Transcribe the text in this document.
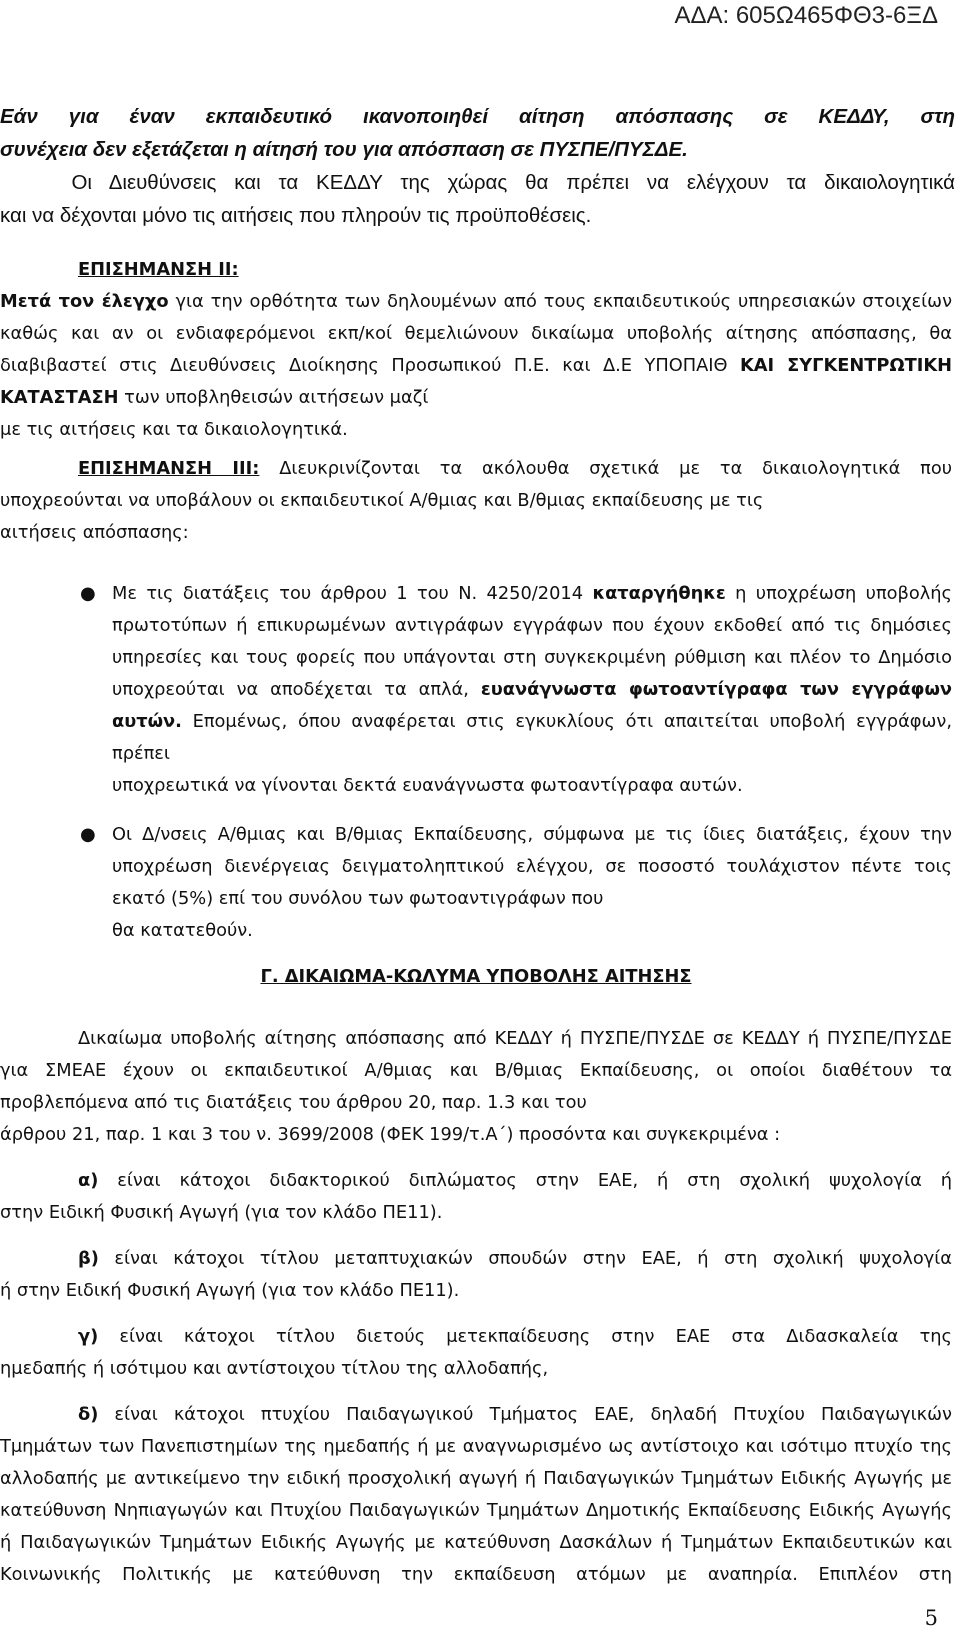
ΑΔΑ: 605Ω465ΦΘ3-6ΞΔ

Εάν για έναν εκπαιδευτικό ικανοποιηθεί αίτηση απόσπασης σε ΚΕΔΔΥ, στη

συνέχεια δεν εξετάζεται η αίτησή του για απόσπαση σε ΠΥΣΠΕ/ΠΥΣΔΕ.

Οι Διευθύνσεις και τα ΚΕΔΔΥ της χώρας θα πρέπει να ελέγχουν τα δικαιολογητικά

και να δέχονται μόνο τις αιτήσεις που πληρούν τις προϋποθέσεις.

ΕΠΙΣΗΜΑΝΣΗ ΙΙ:

Μετά τον έλεγχο για την ορθότητα των δηλουμένων από τους εκπαιδευτικούς υπηρεσιακών στοιχείων καθώς και αν οι ενδιαφερόμενοι εκπ/κοί θεμελιώνουν δικαίωμα υποβολής αίτησης απόσπασης, θα διαβιβαστεί στις Διευθύνσεις Διοίκησης Προσωπικού Π.Ε. και Δ.Ε ΥΠΟΠΑΙΘ ΚΑΙ ΣΥΓΚΕΝΤΡΩΤΙΚΗ ΚΑΤΑΣΤΑΣΗ των υποβληθεισών αιτήσεων μαζί

με τις αιτήσεις και τα δικαιολογητικά.

ΕΠΙΣΗΜΑΝΣΗ ΙΙΙ: Διευκρινίζονται τα ακόλουθα σχετικά με τα δικαιολογητικά που υποχρεούνται να υποβάλουν οι εκπαιδευτικοί Α/θμιας και Β/θμιας εκπαίδευσης με τις

αιτήσεις απόσπασης:

● Με τις διατάξεις του άρθρου 1 του Ν. 4250/2014 καταργήθηκε η υποχρέωση υποβολής πρωτοτύπων ή επικυρωμένων αντιγράφων εγγράφων που έχουν εκδοθεί από τις δημόσιες υπηρεσίες και τους φορείς που υπάγονται στη συγκεκριμένη ρύθμιση και πλέον το Δημόσιο υποχρεούται να αποδέχεται τα απλά, ευανάγνωστα φωτοαντίγραφα των εγγράφων αυτών. Επομένως, όπου αναφέρεται στις εγκυκλίους ότι απαιτείται υποβολή εγγράφων, πρέπει

υποχρεωτικά να γίνονται δεκτά ευανάγνωστα φωτοαντίγραφα αυτών.

● Οι Δ/νσεις Α/θμιας και Β/θμιας Εκπαίδευσης, σύμφωνα με τις ίδιες διατάξεις, έχουν την υποχρέωση διενέργειας δειγματοληπτικού ελέγχου, σε ποσοστό τουλάχιστον πέντε τοις εκατό (5%) επί του συνόλου των φωτοαντιγράφων που

θα κατατεθούν.

Γ. ΔΙΚΑΙΩΜΑ-ΚΩΛΥΜΑ ΥΠΟΒΟΛΗΣ ΑΙΤΗΣΗΣ

Δικαίωμα υποβολής αίτησης απόσπασης από ΚΕΔΔΥ ή ΠΥΣΠΕ/ΠΥΣΔΕ σε ΚΕΔΔΥ ή ΠΥΣΠΕ/ΠΥΣΔΕ για ΣΜΕΑΕ έχουν οι εκπαιδευτικοί Α/θμιας και Β/θμιας Εκπαίδευσης, οι οποίοι διαθέτουν τα προβλεπόμενα από τις διατάξεις του άρθρου 20, παρ. 1.3 και του

άρθρου 21, παρ. 1 και 3 του ν. 3699/2008 (ΦΕΚ 199/τ.Α΄) προσόντα και συγκεκριμένα :

α) είναι κάτοχοι διδακτορικού διπλώματος στην ΕΑΕ, ή στη σχολική ψυχολογία ή

στην Ειδική Φυσική Αγωγή (για τον κλάδο ΠΕ11).

β) είναι κάτοχοι τίτλου μεταπτυχιακών σπουδών στην ΕΑΕ, ή στη σχολική ψυχολογία

ή στην Ειδική Φυσική Αγωγή (για τον κλάδο ΠΕ11).

γ) είναι κάτοχοι τίτλου διετούς μετεκπαίδευσης στην ΕΑΕ στα Διδασκαλεία της

ημεδαπής ή ισότιμου και αντίστοιχου τίτλου της αλλοδαπής,

δ) είναι κάτοχοι πτυχίου Παιδαγωγικού Τμήματος ΕΑΕ, δηλαδή Πτυχίου Παιδαγωγικών Τμημάτων των Πανεπιστημίων της ημεδαπής ή με αναγνωρισμένο ως αντίστοιχο και ισότιμο πτυχίο της αλλοδαπής με αντικείμενο την ειδική προσχολική αγωγή ή Παιδαγωγικών Τμημάτων Ειδικής Αγωγής με κατεύθυνση Νηπιαγωγών και Πτυχίου Παιδαγωγικών Τμημάτων Δημοτικής Εκπαίδευσης Ειδικής Αγωγής ή Παιδαγωγικών Τμημάτων Ειδικής Αγωγής με κατεύθυνση Δασκάλων ή Τμημάτων Εκπαιδευτικών και Κοινωνικής Πολιτικής με κατεύθυνση την εκπαίδευση ατόμων με αναπηρία. Επιπλέον στη

5
